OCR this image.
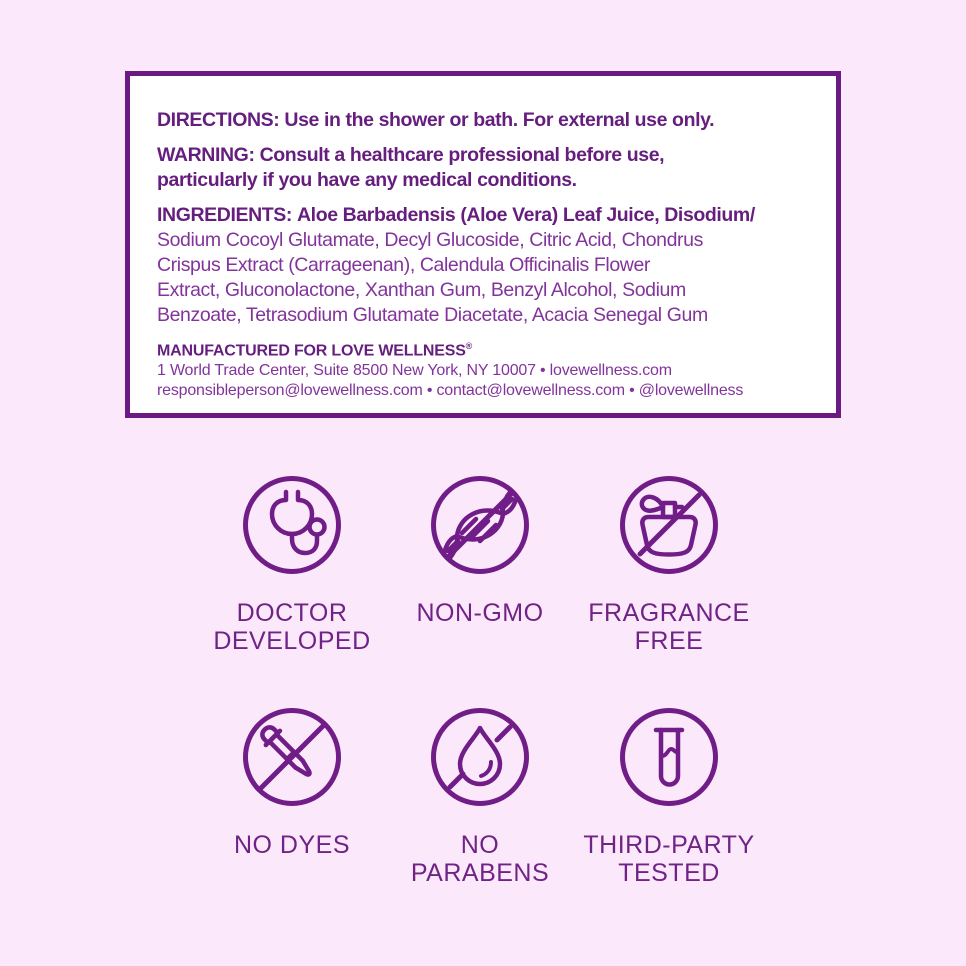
DIRECTIONS: Use in the shower or bath. For external use only.
WARNING: Consult a healthcare professional before use,
particularly if you have any medical conditions.
INGREDIENTS: Aloe Barbadensis (Aloe Vera) Leaf Juice, Disodium/
Sodium Cocoyl Glutamate, Decyl Glucoside, Citric Acid, Chondrus
Crispus Extract (Carrageenan), Calendula Officinalis Flower
Extract, Gluconolactone, Xanthan Gum, Benzyl Alcohol, Sodium
Benzoate, Tetrasodium Glutamate Diacetate, Acacia Senegal Gum
MANUFACTURED FOR LOVE WELLNESS®
1 World Trade Center, Suite 8500 New York, NY 10007 • lovewellness.com
responsibleperson@lovewellness.com • contact@lovewellness.com • @lovewellness
DOCTOR
DEVELOPED
NON-GMO	FRAGRANCE
FREE
NO DYES	NO
PARABENS
THIRD-PARTY
TESTED
